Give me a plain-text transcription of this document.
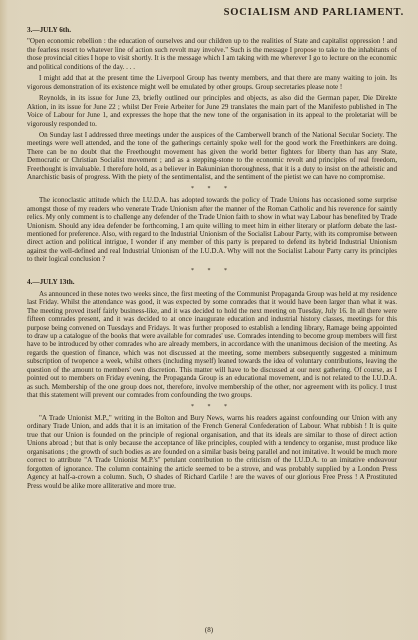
SOCIALISM AND PARLIAMENT.
3.—JULY 6th.

"Open economic rebellion : the education of ourselves and our children up to the realities of State and capitalist oppression ! and the fearless resort to whatever line of action such revolt may involve." Such is the message I propose to take to the inhabitants of those provincial cities I hope to visit shortly. It is the message which I am taking with me wherever I go to lecture on the economic and political conditions of the day. . . .

I might add that at the present time the Liverpool Group has twenty members, and that there are many waiting to join. Its vigorous demonstration of its existence might well be emulated by other groups. Group secretaries please note !

Reynolds, in its issue for June 23, briefly outlined our principles and objects, as also did the German paper, Die Direkte Aktion, in its issue for June 22 ; whilst Der Freie Arbeiter for June 29 translates the main part of the Manifesto published in The Voice of Labour for June 1, and expresses the hope that the new tone of the organisation in its appeal to the proletariat will be vigorously responded to.

On Sunday last I addressed three meetings under the auspices of the Camberwell branch of the National Secular Society. The meetings were well attended, and the tone of the gatherings certainly spoke well for the good work the Freethinkers are doing. There can be no doubt that the Freethought movement has given the world better fighters for liberty than has any State, Democratic or Christian Socialist movement ; and as a stepping-stone to the economic revolt and principles of real freedom, Freethought is invaluable. I therefore hold, as a believer in Bakuninian thoroughness, that it is a duty to insist on the atheistic and Anarchistic basis of progress. With the piety of the sentimentalist, and the sentiment of the pietist we can have no compromise.

* * *

The iconoclastic attitude which the I.U.D.A. has adopted towards the policy of Trade Unions has occasioned some surprise amongst those of my readers who venerate Trade Unionism after the manner of the Roman Catholic and his reverence for saintly relics. My only comment is to challenge any defender of the Trade Union faith to show in what way Labour has benefited by Trade Unionism. Should any idea defender be forthcoming, I am quite willing to meet him in either literary or platform debate the last-mentioned for preference. Also, with regard to the Industrial Unionism of the Socialist Labour Party, with its compromise between direct action and political intrigue, I wonder if any member of this party is prepared to defend its hybrid Industrial Unionism against the well-defined and real Industrial Unionism of the I.U.D.A. Why will not the Socialist Labour Party carry its principles to their logical conclusion ?

* * *
4.—JULY 13th.

As announced in these notes two weeks since, the first meeting of the Communist Propaganda Group was held at my residence last Friday. Whilst the attendance was good, it was expected by some comrades that it would have been larger than what it was. The meeting proved itself fairly business-like, and it was decided to hold the next meeting on Tuesday, July 16. In all there were fifteen comrades present, and it was decided to at once inaugurate education and industrial history classes, meetings for this purpose being convened on Tuesdays and Fridays. It was further proposed to establish a lending library, Ramage being appointed to draw up a catalogue of the books that were available for comrades' use. Comrades intending to become group members will first have to be introduced by other comrades who are already members, in accordance with the unanimous decision of the meeting. As regards the question of finance, which was not discussed at the meeting, some members subsequently suggested a minimum subscription of twopence a week, whilst others (including myself) leaned towards the idea of voluntary contributions, leaving the question of the amount to members' own discretion. This matter will have to be discussed at our next gathering. Of course, as I pointed out to members on Friday evening, the Propaganda Group is an educational movement, and is not related to the I.U.D.A. as such. Membership of the one group does not, therefore, involve membership of the other, nor agreement with its policy. I trust that this statement will prevent our comrades from confounding the two groups.

* * *

"A Trade Unionist M.P.," writing in the Bolton and Bury News, warns his readers against confounding our Union with any ordinary Trade Union, and adds that it is an imitation of the French General Confederation of Labour. What rubbish ! It is quite true that our Union is founded on the principle of regional organisation, and that its ideals are similar to those of direct action Unions abroad ; but that is only because the acceptance of like principles, coupled with a tendency to organise, must produce like organisations ; the growth of such bodies as are founded on a similar basis being parallel and not imitative. It would be much more correct to attribute "A Trade Unionist M.P.'s" petulant contribution to the criticism of the I.U.D.A. to an imitative endeavour forgotten of ignorance. The column containing the article seemed to be a strove, and was probably supplied by a London Press Agency at half-a-crown a column. Such, O shades of Richard Carlile ! are the waves of our glorious Free Press ! A Prostituted Press would be alike more alliterative and more true.

(8)
